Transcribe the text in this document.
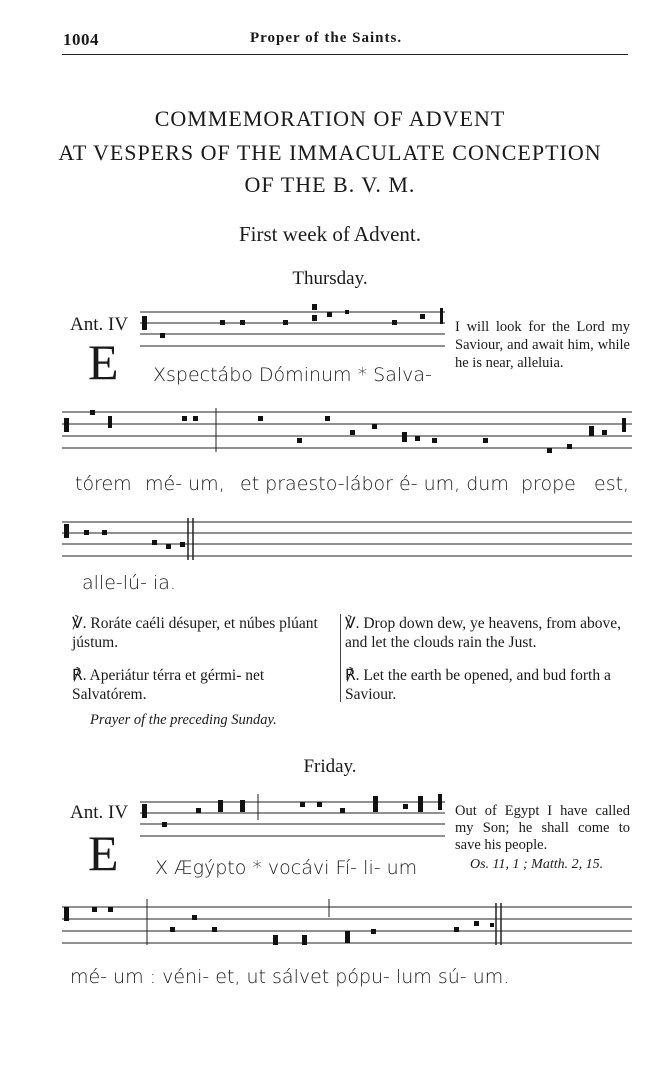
1004	Proper of the Saints.
COMMEMORATION OF ADVENT
AT VESPERS OF THE IMMACULATE CONCEPTION
OF THE B. V. M.
First week of Advent.
Thursday.
Ant. IV
E Xspectábo Dóminum * Salva-
I will look for the Lord my Saviour, and await him, while he is near, alleluia.
tórem mé- um, et praesto-lábor é- um, dum prope est,
alle-lú- ia.
℣. Roráte caéli désuper, et núbes plúant jústum.
℟. Aperiátur térra et gérmi- net Salvatórem.
℣. Drop down dew, ye heavens, from above, and let the clouds rain the Just.
℟. Let the earth be opened, and bud forth a Saviour.
Prayer of the preceding Sunday.
Friday.
Ant. IV
E X Ægýpto * vocávi Fí- li- um
Out of Egypt I have called my Son; he shall come to save his people.
Os. 11, 1 ; Matth. 2, 15.
mé- um : véni- et, ut sálvet pópu- lum sú- um.
